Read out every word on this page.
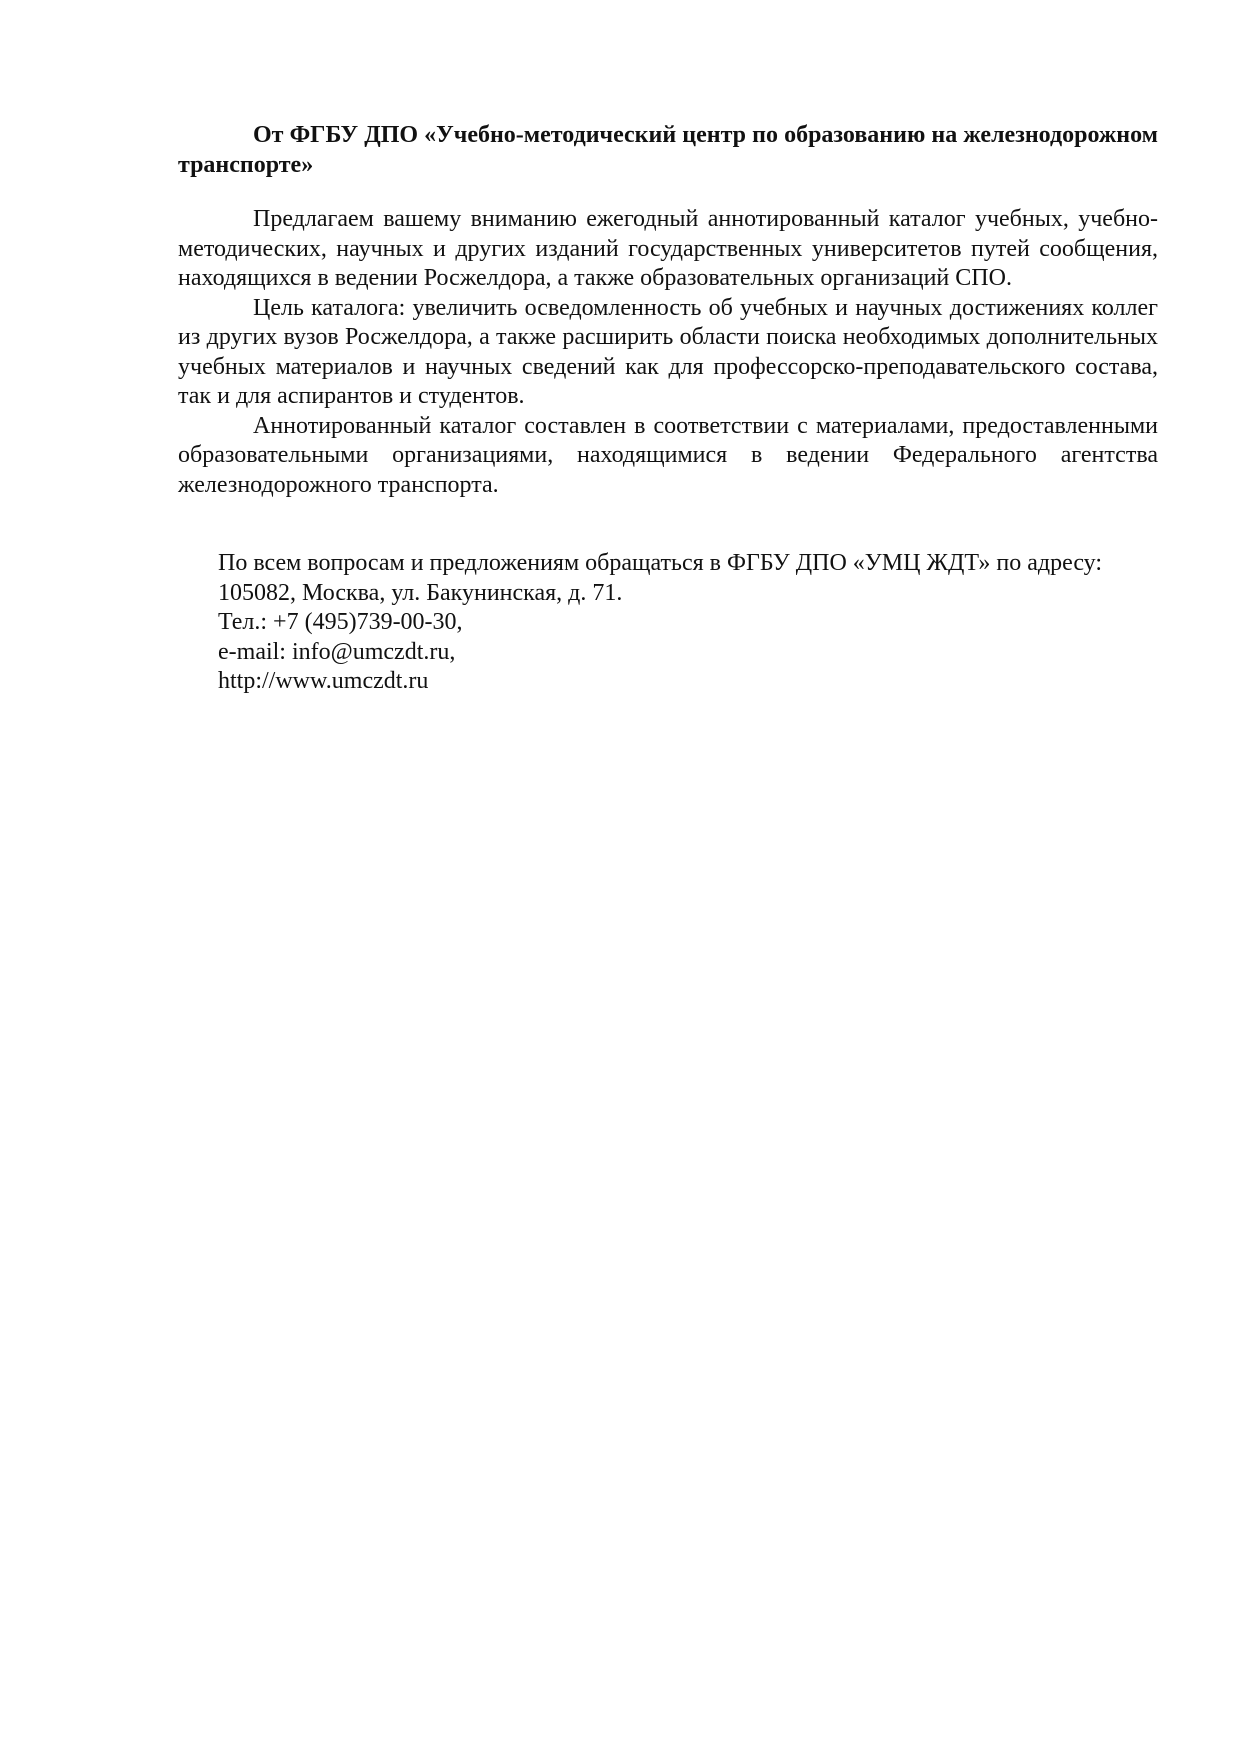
От ФГБУ ДПО «Учебно-методический центр по образованию на железнодорожном транспорте»

Предлагаем вашему вниманию ежегодный аннотированный каталог учебных, учебно-методических, научных и других изданий государственных университетов путей сообщения, находящихся в ведении Росжелдора, а также образовательных организаций СПО.

Цель каталога: увеличить осведомленность об учебных и научных достижениях коллег из других вузов Росжелдора, а также расширить области поиска необходимых дополнительных учебных материалов и научных сведений как для профессорско-преподавательского состава, так и для аспирантов и студентов.

Аннотированный каталог составлен в соответствии с материалами, предоставленными образовательными организациями, находящимися в ведении Федерального агентства железнодорожного транспорта.

По всем вопросам и предложениям обращаться в ФГБУ ДПО «УМЦ ЖДТ» по адресу:
105082, Москва, ул. Бакунинская, д. 71.
Тел.: +7 (495)739-00-30,
e-mail: info@umczdt.ru,
http://www.umczdt.ru
